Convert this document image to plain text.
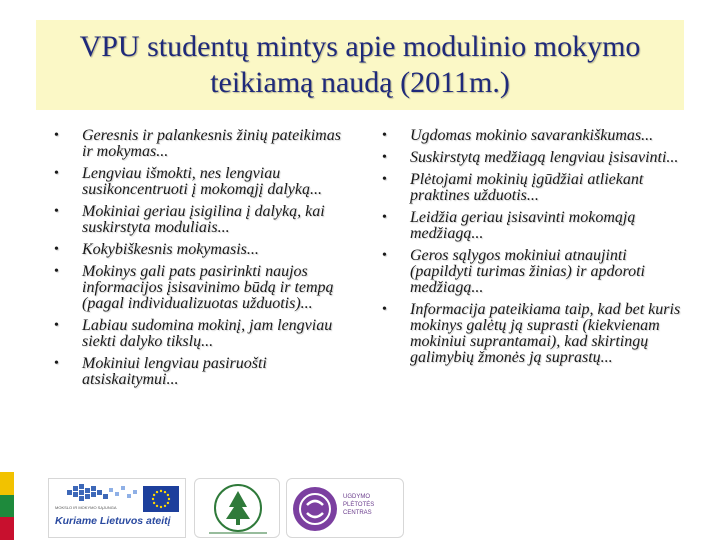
VPU studentų mintys apie modulinio mokymo
teikiamą naudą (2011m.)
• Geresnis ir palankesnis žinių pateikimas ir mokymas...
• Lengviau išmokti, nes lengviau susikoncentruoti į mokomąjį dalyką...
• Mokiniai geriau įsigilina į dalyką, kai suskirstyta moduliais...
• Kokybiškesnis mokymasis...
• Mokinys gali pats pasirinkti naujos informacijos įsisavinimo būdą ir tempą (pagal individualizuotas užduotis)...
• Labiau sudomina mokinį, jam lengviau siekti dalyko tikslų...
• Mokiniui lengviau pasiruošti atsiskaitymui...
• Ugdomas mokinio savarankiškumas...
• Suskirstytą medžiagą lengviau įsisavinti...
• Plėtojami mokinių įgūdžiai atliekant praktines užduotis...
• Leidžia geriau įsisavinti mokomąją medžiagą...
• Geros sąlygos mokiniui atnaujinti (papildyti turimas žinias) ir apdoroti medžiagą...
• Informacija pateikiama taip, kad bet kuris mokinys galėtų ją suprasti (kiekvienam mokiniui suprantamai), kad skirtingų galimybių žmonės ją suprastų...
MOKSLO IR MOKYMO SĄJUNGA
Kuriame Lietuvos ateitį
UGDYMO
PLĖTOTĖS
CENTRAS
